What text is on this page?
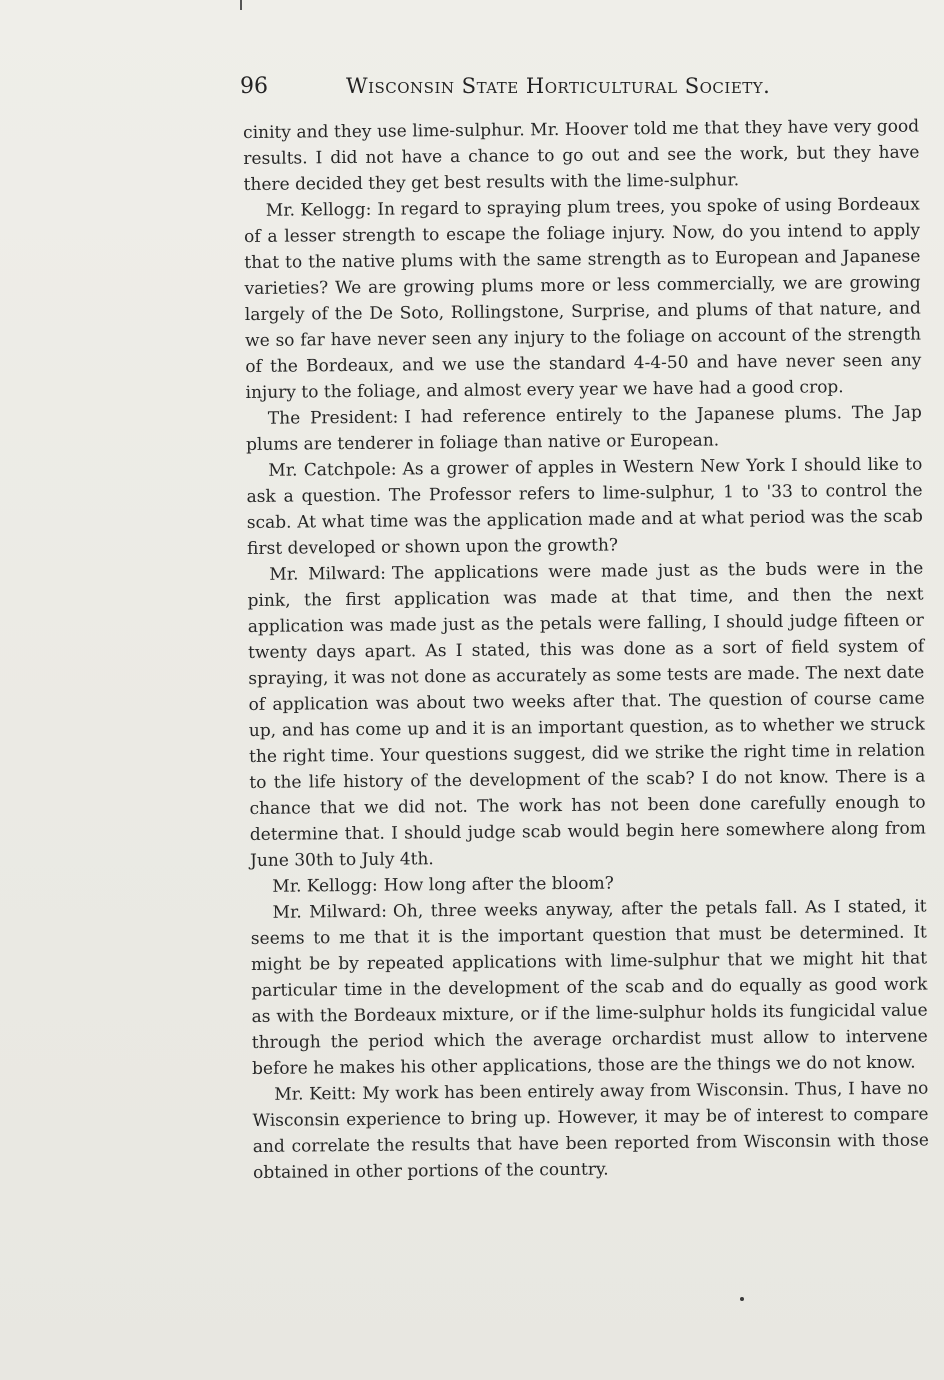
96	Wisconsin State Horticultural Society.

cinity and they use lime-sulphur. Mr. Hoover told me that they have very good results. I did not have a chance to go out and see the work, but they have there decided they get best results with the lime-sulphur.

Mr. Kellogg: In regard to spraying plum trees, you spoke of using Bordeaux of a lesser strength to escape the foliage injury. Now, do you intend to apply that to the native plums with the same strength as to European and Japanese varieties? We are growing plums more or less commercially, we are growing largely of the De Soto, Rollingstone, Surprise, and plums of that nature, and we so far have never seen any injury to the foliage on account of the strength of the Bordeaux, and we use the standard 4-4-50 and have never seen any injury to the foliage, and almost every year we have had a good crop.

The President: I had reference entirely to the Japanese plums. The Jap plums are tenderer in foliage than native or European.

Mr. Catchpole: As a grower of apples in Western New York I should like to ask a question. The Professor refers to lime-sulphur, 1 to '33 to control the scab. At what time was the application made and at what period was the scab first developed or shown upon the growth?

Mr. Milward: The applications were made just as the buds were in the pink, the first application was made at that time, and then the next application was made just as the petals were falling, I should judge fifteen or twenty days apart. As I stated, this was done as a sort of field system of spraying, it was not done as accurately as some tests are made. The next date of application was about two weeks after that. The question of course came up, and has come up and it is an important question, as to whether we struck the right time. Your questions suggest, did we strike the right time in relation to the life history of the development of the scab? I do not know. There is a chance that we did not. The work has not been done carefully enough to determine that. I should judge scab would begin here somewhere along from June 30th to July 4th.

Mr. Kellogg: How long after the bloom?

Mr. Milward: Oh, three weeks anyway, after the petals fall. As I stated, it seems to me that it is the important question that must be determined. It might be by repeated applications with lime-sulphur that we might hit that particular time in the development of the scab and do equally as good work as with the Bordeaux mixture, or if the lime-sulphur holds its fungicidal value through the period which the average orchardist must allow to intervene before he makes his other applications, those are the things we do not know.

Mr. Keitt: My work has been entirely away from Wisconsin. Thus, I have no Wisconsin experience to bring up. However, it may be of interest to compare and correlate the results that have been reported from Wisconsin with those obtained in other portions of the country.
